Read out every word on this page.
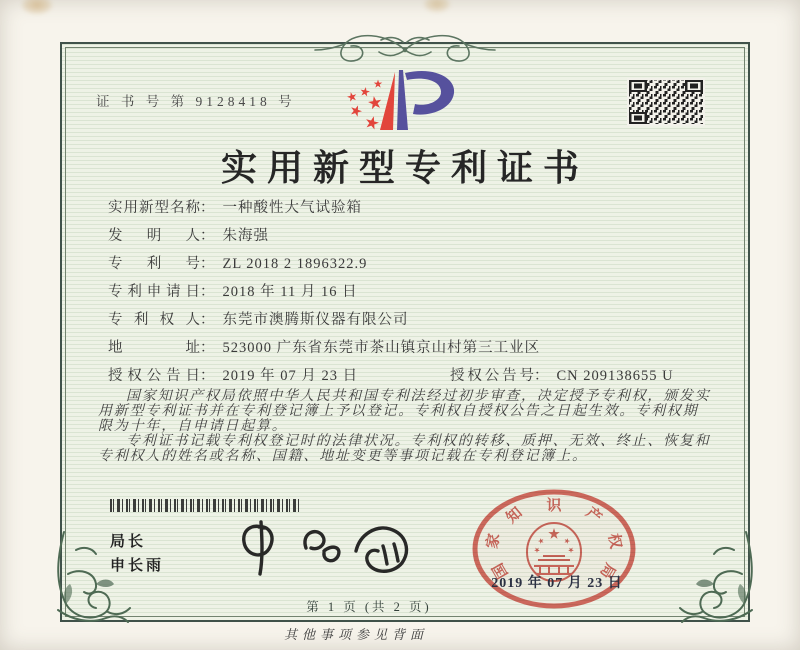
证 书 号 第 9128418 号
实用新型专利证书
实用新型名称： 一种酸性大气试验箱
发明人： 朱海强
专利号： ZL 2018 2 1896322.9
专利申请日： 2018 年 11 月 16 日
专利权人： 东莞市澳腾斯仪器有限公司
地址： 523000 广东省东莞市茶山镇京山村第三工业区
授权公告日： 2019 年 07 月 23 日	授权公告号： CN 209138655 U

国家知识产权局依照中华人民共和国专利法经过初步审查，决定授予专利权，颁发实用新型专利证书并在专利登记簿上予以登记。专利权自授权公告之日起生效。专利权期限为十年，自申请日起算。

专利证书记载专利权登记时的法律状况。专利权的转移、质押、无效、终止、恢复和专利权人的姓名或名称、国籍、地址变更等事项记载在专利登记簿上。

局长
申长雨	国
家
知 识 产
权
局
2019 年 07 月 23 日
第 1 页 (共 2 页)
其他事项参见背面
